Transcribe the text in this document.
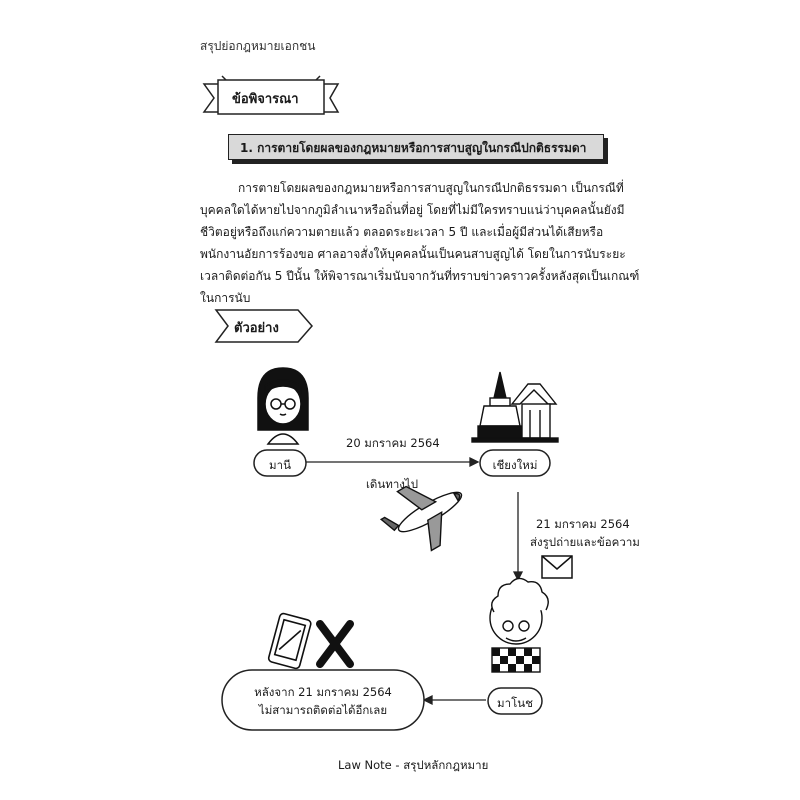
สรุปย่อกฎหมายเอกชน
45
ข้อพิจารณา
1. การตายโดยผลของกฎหมายหรือการสาบสูญในกรณีปกติธรรมดา

การตายโดยผลของกฎหมายหรือการสาบสูญในกรณีปกติธรรมดา เป็นกรณีที่บุคคลใดได้หายไปจากภูมิลำเนาหรือถิ่นที่อยู่ โดยที่ไม่มีใครทราบแน่ว่าบุคคลนั้นยังมีชีวิตอยู่หรือถึงแก่ความตายแล้ว ตลอดระยะเวลา 5 ปี และเมื่อผู้มีส่วนได้เสียหรือพนักงานอัยการร้องขอ ศาลอาจสั่งให้บุคคลนั้นเป็นคนสาบสูญได้ โดยในการนับระยะเวลาติดต่อกัน 5 ปีนั้น ให้พิจารณาเริ่มนับจากวันที่ทราบข่าวคราวครั้งหลังสุดเป็นเกณฑ์ในการนับ

ตัวอย่าง
มานี	เชียงใหม่
มาโนช
20 มกราคม 2564
เดินทางไป
21 มกราคม 2564
ส่งรูปถ่ายและข้อความ
หลังจาก 21 มกราคม 2564
ไม่สามารถติดต่อได้อีกเลย
Law Note - สรุปหลักกฎหมาย
